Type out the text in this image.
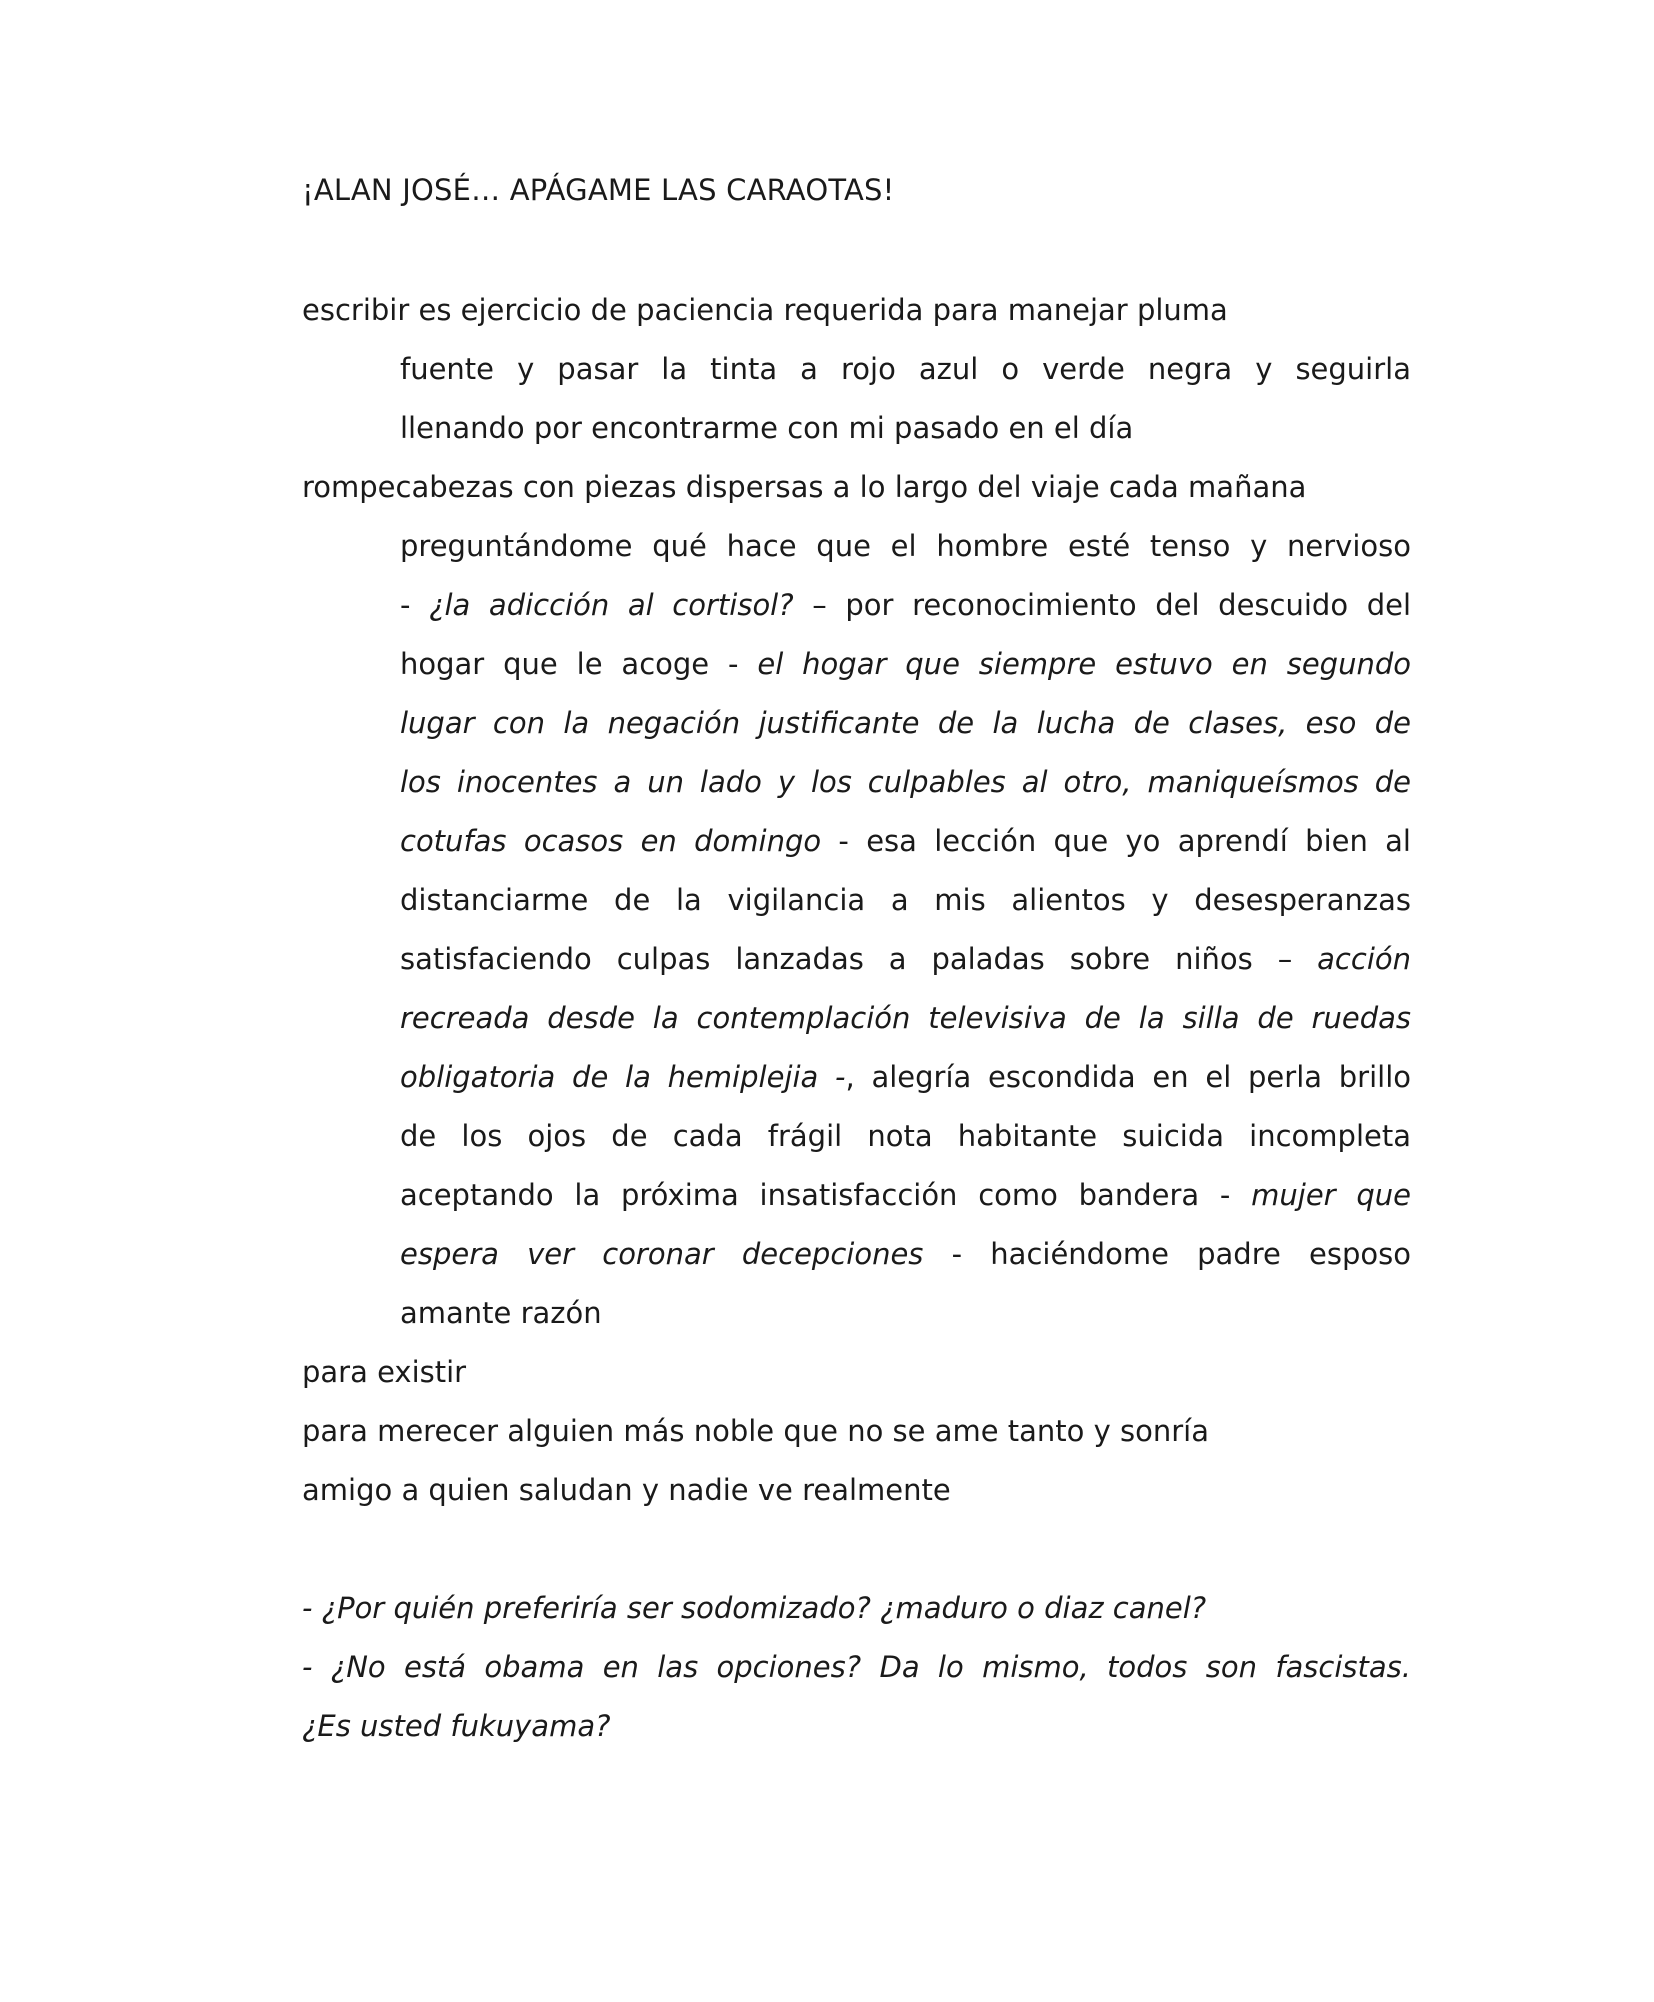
¡ALAN JOSÉ… APÁGAME LAS CARAOTAS!
escribir es ejercicio de paciencia requerida para manejar pluma
fuente y pasar la tinta a rojo azul o verde negra y seguirla
llenando por encontrarme con mi pasado en el día
rompecabezas con piezas dispersas a lo largo del viaje cada mañana
preguntándome qué hace que el hombre esté tenso y nervioso
- ¿la adicción al cortisol? – por reconocimiento del descuido del
hogar que le acoge - el hogar que siempre estuvo en segundo
lugar con la negación justificante de la lucha de clases, eso de
los inocentes a un lado y los culpables al otro, maniqueísmos de
cotufas ocasos en domingo - esa lección que yo aprendí bien al
distanciarme de la vigilancia a mis alientos y desesperanzas
satisfaciendo culpas lanzadas a paladas sobre niños – acción
recreada desde la contemplación televisiva de la silla de ruedas
obligatoria de la hemiplejia -, alegría escondida en el perla brillo
de los ojos de cada frágil nota habitante suicida incompleta
aceptando la próxima insatisfacción como bandera - mujer que
espera ver coronar decepciones - haciéndome padre esposo
amante razón
para existir
para merecer alguien más noble que no se ame tanto y sonría
amigo a quien saludan y nadie ve realmente
- ¿Por quién preferiría ser sodomizado? ¿maduro o diaz canel?
- ¿No está obama en las opciones? Da lo mismo, todos son fascistas.
¿Es usted fukuyama?
